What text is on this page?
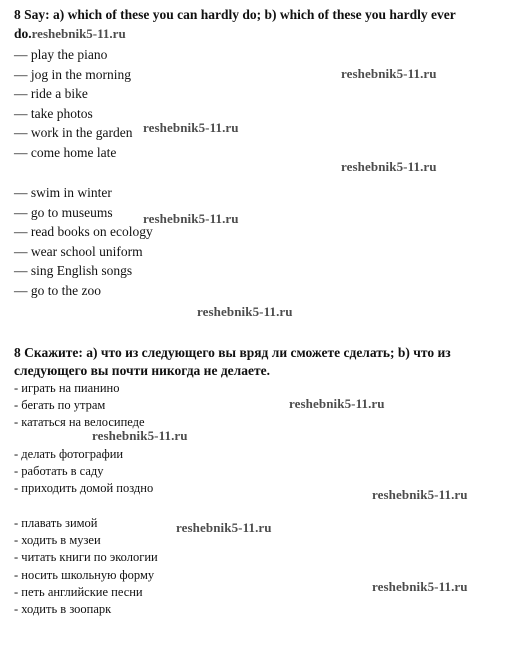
8 Say: a) which of these you can hardly do; b) which of these you hardly ever
do.reshebnik5-11.ru
— play the piano
— jog in the morning
— ride a bike
— take photos
— work in the garden
— come home late
— swim in winter
— go to museums
— read books on ecology
— wear school uniform
— sing English songs
— go to the zoo
8 Скажите: а) что из следующего вы вряд ли сможете сделать; b) что из
следующего вы почти никогда не делаете.
- играть на пианино
- бегать по утрам
- кататься на велосипеде
- делать фотографии
- работать в саду
- приходить домой поздно
- плавать зимой
- ходить в музеи
- читать книги по экологии
- носить школьную форму
- петь английские песни
- ходить в зоопарк
reshebnik5-11.ru
reshebnik5-11.ru
reshebnik5-11.ru
reshebnik5-11.ru
reshebnik5-11.ru
reshebnik5-11.ru
reshebnik5-11.ru
reshebnik5-11.ru
reshebnik5-11.ru
reshebnik5-11.ru
